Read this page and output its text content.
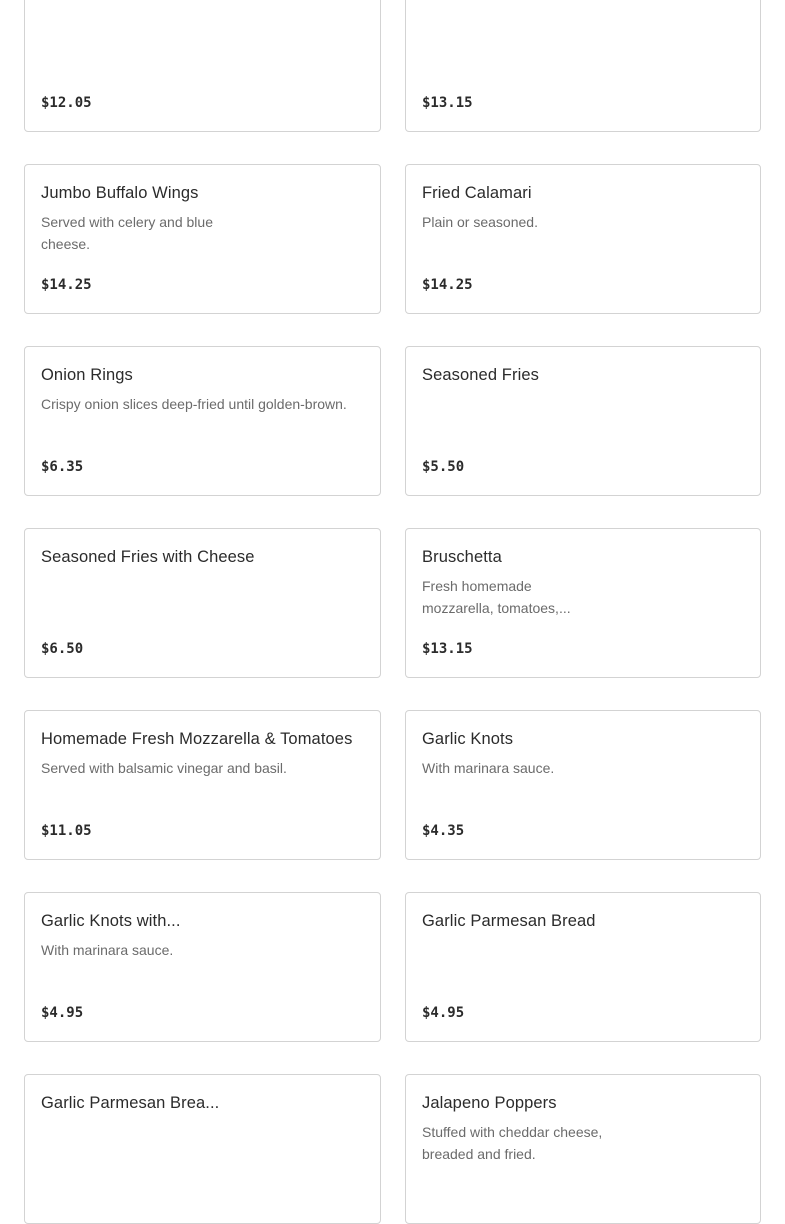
$12.05	$13.15
Jumbo Buffalo Wings
Served with celery and blue cheese.
$14.25
Fried Calamari
Plain or seasoned.
$14.25
Onion Rings
Crispy onion slices deep-fried until golden-brown.
$6.35
Seasoned Fries
$5.50
Seasoned Fries with Cheese
$6.50
Bruschetta
Fresh homemade mozzarella, tomatoes,...
$13.15
Homemade Fresh Mozzarella & Tomatoes
Served with balsamic vinegar and basil.
$11.05
Garlic Knots
With marinara sauce.
$4.35
Garlic Knots with...
With marinara sauce.
$4.95
Garlic Parmesan Bread
$4.95
Garlic Parmesan Brea...	Jalapeno Poppers
Stuffed with cheddar cheese, breaded and fried.
